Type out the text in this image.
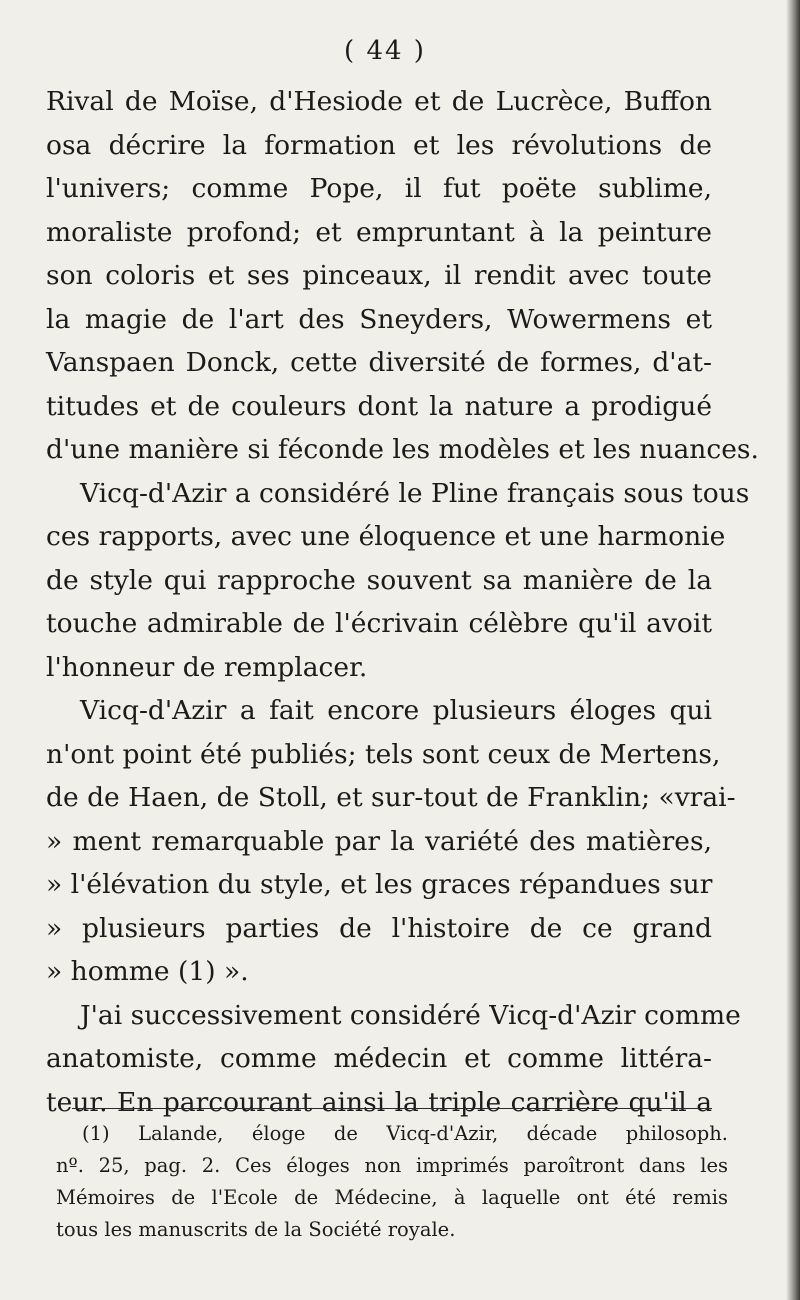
( 44 )
Rival de Moïse, d'Hesiode et de Lucrèce, Buffon
osa décrire la formation et les révolutions de
l'univers; comme Pope, il fut poëte sublime,
moraliste profond; et empruntant à la peinture
son coloris et ses pinceaux, il rendit avec toute
la magie de l'art des Sneyders, Wowermens et
Vanspaen Donck, cette diversité de formes, d'at-
titudes et de couleurs dont la nature a prodigué
d'une manière si féconde les modèles et les nuances.
Vicq-d'Azir a considéré le Pline français sous tous
ces rapports, avec une éloquence et une harmonie
de style qui rapproche souvent sa manière de la
touche admirable de l'écrivain célèbre qu'il avoit
l'honneur de remplacer.
Vicq-d'Azir a fait encore plusieurs éloges qui
n'ont point été publiés; tels sont ceux de Mertens,
de de Haen, de Stoll, et sur-tout de Franklin; «vrai-
» ment remarquable par la variété des matières,
» l'élévation du style, et les graces répandues sur
» plusieurs parties de l'histoire de ce grand
» homme (1) ».
J'ai successivement considéré Vicq-d'Azir comme
anatomiste, comme médecin et comme littéra-
teur. En parcourant ainsi la triple carrière qu'il a
(1) Lalande, éloge de Vicq-d'Azir, décade philosoph.
nº. 25, pag. 2. Ces éloges non imprimés paroîtront dans les
Mémoires de l'Ecole de Médecine, à laquelle ont été remis
tous les manuscrits de la Société royale.
